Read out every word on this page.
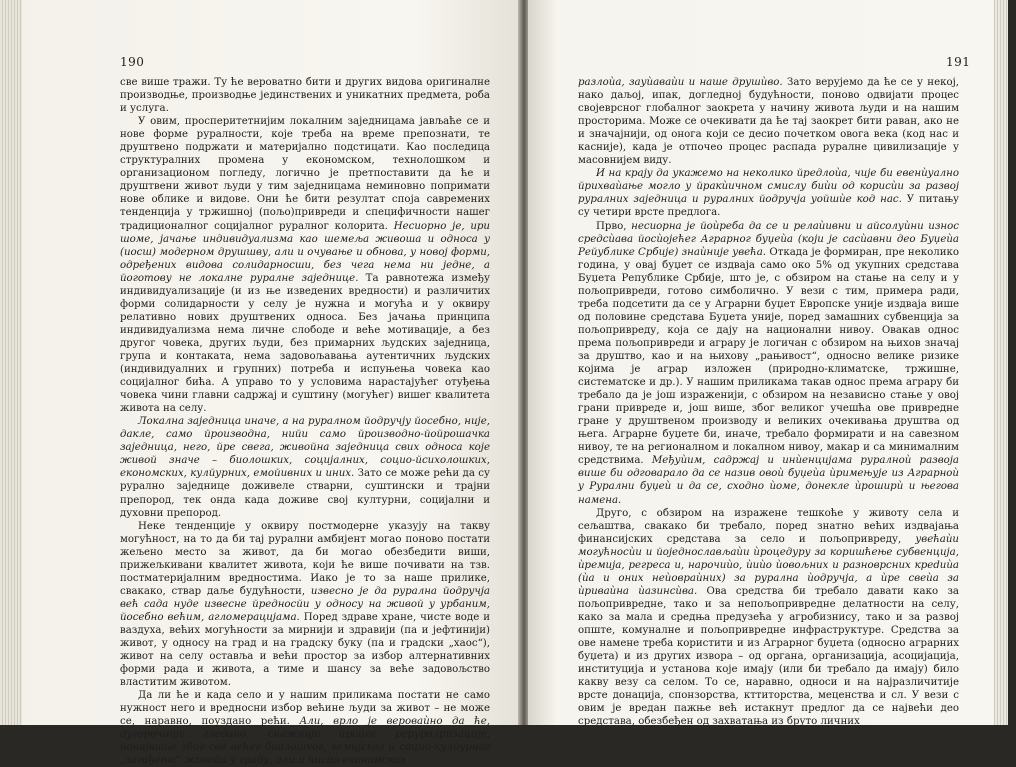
190

све више тражи. Ту ће вероватно бити и других видова оригиналне производње, производње јединствених и уникатних предмета, роба и услуга.

У овим, просперитетнијим локалним заједницама јављаће се и нове форме руралности, које треба на време препознати, те друштвено подржати и материјално подстицати. Као последица структуралних промена у економском, технолошком и организационом погледу, логично је претпоставити да ће и друштвени живот људи у тим заједницама неминовно попримати нове облике и видове. Они ће бити резултат споја савремених тенденција у тржишној (пољо)привреди и специфичности нашег традиционалног социјалног руралног колорита. Несиорно је, ири шоме, јачање индивидуализма као шемеља живоша и односа у (иосш) модерном друшшву, али и очување и обнова, у новој форми, одређених видова солидарносши, без чега нема ни једне, а йоготову не локалне руралне заједнице. Та равнотежа између индивидуализације (и из ње изведених вредности) и различитих форми солидарности у селу је нужна и могућа и у оквиру релативно нових друштвених односа. Без јачања принципа индивидуализма нема личне слободе и веће мотивације, а без другог човека, других људи, без примарних људских заједница, група и контаката, нема задовољавања аутентичних људских (индивидуалних и групних) потреба и испуњења човека као социјалног бића. А управо то у условима нарастајућег отуђења човека чини главни садржај и суштину (могућег) вишег квалитета живота на селу.

Локална заједница иначе, а на руралном йодручју йосебно, није, дакле, само йроизводна, нийи само йроизводно-йойрошачка заједница, него, йре свега, живойна заједница свих односа које живой значе – биолошких, социјалних, социо-йсихолошких, економских, кулйурних, емойивних и иних. Зато се може рећи да су рурално заједнице доживеле стварни, суштински и трајни препород, тек онда када доживе свој културни, социјални и духовни препород.

Неке тенденције у оквиру постмодерне указују на такву могућност, на то да би тај рурални амбијент могао поново постати жељено место за живот, да би могао обезбедити виши, прижељкивани квалитет живота, који ће више почивати на тзв. постматеријалним вредностима. Иако је то за наше прилике, свакако, ствар даље будућности, извесно је да рурална йодручја већ сада нуде извесне йредносйи у односу на живой у урбаним, йосебно већим, агломерацијама. Поред здраве хране, чисте воде и ваздуха, већих могућности за мирнији и здравији (па и јефтинији) живот, у односу на град и на градску буку (па и градски „хаос“), живот на селу оставља и већи простор за избор алтернативних форми рада и живота, а тиме и шансу за веће задовољство властитим животом.

Да ли ће и када село и у нашим приликама постати не само нужност него и вредносни избор већине људи за живот – не може се, наравно, поуздано рећи. Али, врло је вероваѝно да ће, дугорочније гледано, снажнији йроцес реруралризације, йонајвише због све већег биолошког, хемијског и социо-кулйурног „загађења“ живоѝа у граду, али и чисѝо економских

191

разлоѝа, зауѝаваѝи и наше друшѝво. Зато верујемо да ће се у некој, нако даљој, ипак, догледној будућности, поново одвијати процес својеврсног глобалног заокрета у начину живота људи и на нашим просторима. Може се очекивати да ће тај заокрет бити раван, ако не и значајнији, од онога који се десио почетком овога века (код нас и касније), када је отпочео процес распада руралне цивилизације у масовнијем виду.

И на крају да укажемо на неколико йредлоѝа, чије би евенѝуално йрихваѝање могло у йракѝичном смислу биѝи од корисѝи за развој руралних заједница и руралних йодручја уойшѝе код нас. У питању су четири врсте предлога.

Прво, несиорна је йоѝреба да се и релаѝивни и айсолуѝни износ средсѝава йосѝојећег Аграрног буџеѝа (који је сасѝавни део Буџеѝа Рейублике Србије) знаѝније увећа. Откада је формиран, пре неколико година, у овај буџет се издваја само око 5% од укупних средстава Буџета Републике Србије, што је, с обзиром на стање на селу и у пољопривреди, готово симболично. У вези с тим, примера ради, треба подсетити да се у Аграрни буџет Европске уније издваја више од половине средстава Буџета уније, поред замашних субвенција за пољопривреду, која се дају на национални нивоу. Овакав однос према пољопривреди и аграру је логичан с обзиром на њихов значај за друштво, као и на њихову „рањивост“, односно велике ризике којима је аграр изложен (природно-климатске, тржишне, систематске и др.). У нашим приликама такав однос према аграру би требало да је још израженији, с обзиром на независно стање у овој грани привреде и, још више, због великог учешћа ове привредне гране у друштвеном производу и великих очекивања друштва од њега. Аграрне буџете би, иначе, требало формирати и на савезном нивоу, те на регионалном и локалном нивоу, макар и са минималним средствима. Међуѝим, садржај и инѝенцијама руралноѝ развоја више би одговарало да се назив овоѝ буџеѝа ѝримењује из Аграрноѝ у Рурални буџеѝ и да се, сходно ѝоме, донекле ѝроширѝ и његова намена.

Друго, с обзиром на изражене тешкоће у животу села и сељаштва, свакако би требало, поред знатно већих издвајања финансијских средстава за село и пољопривреду, увећаѝи могућносѝи и йоједнослављаѝи ѝроцедуру за коришћење субвенција, ѝремија, регреса и, нарочиѝо, ѝиѝо ѝовољних и разноврсних креdиѝа (ѝа и оних неѝовраѝних) за рурална ѝодручја, а ѝре свеѝа за ѝриваѝна ѝазинсѝва. Ова средства би требало давати како за пољопривредне, тако и за непољопривредне делатности на селу, како за мала и средња предузећа у агробизнису, тако и за развој општe, комуналне и пољопривредне инфраструктуре. Средства за ове намене треба користити и из Аграрног буџета (односно аграрних буџета) и из других извора – од органа, организација, асоцијација, институција и установа које имају (или би требало да имају) било какву везу са селом. То се, наравно, односи и на најразличитије врсте донација, спонзорства, кттиторства, меценства и сл. У вези с овим је вредан пажње већ истакнут предлог да се највећи део средстава, обезбеђен од захватања из бруто личних
